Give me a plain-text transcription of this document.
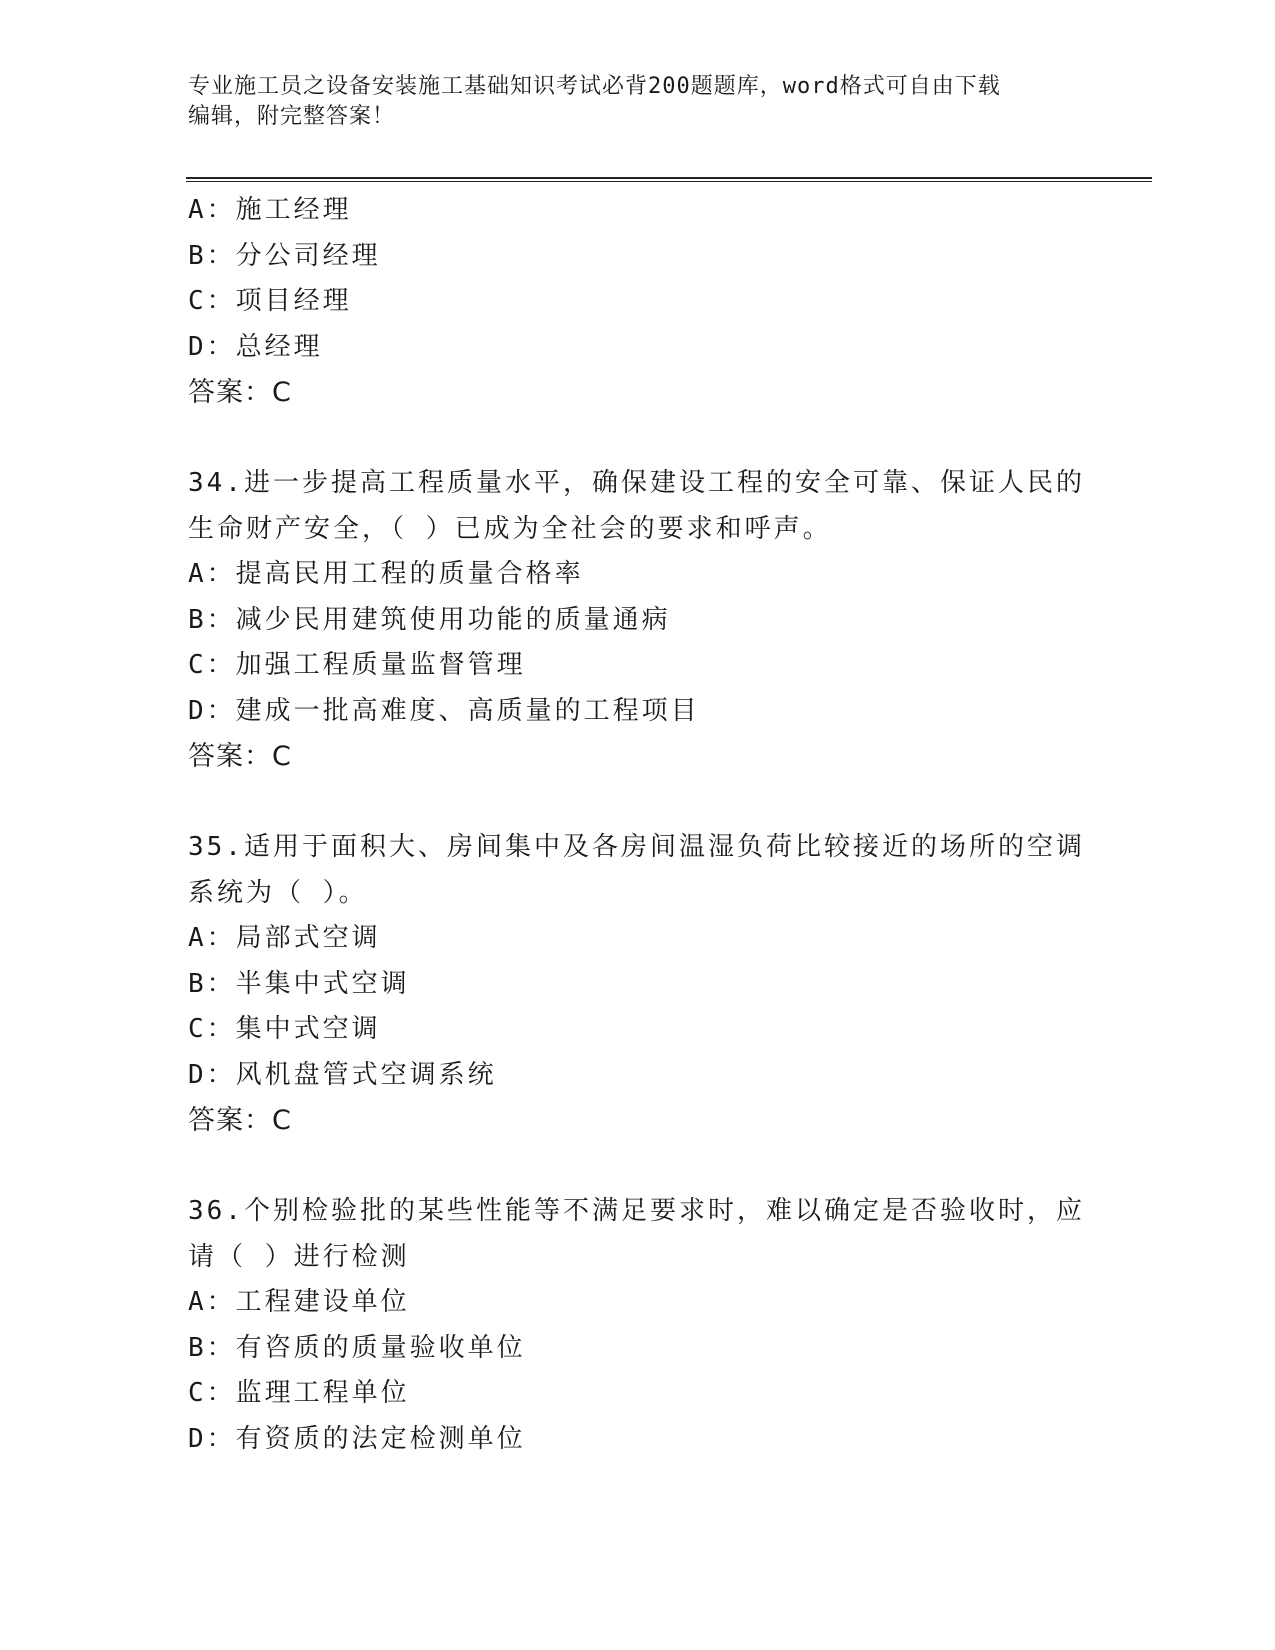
专业施工员之设备安装施工基础知识考试必背200题题库，word格式可自由下载
编辑，附完整答案！
A：施工经理
B：分公司经理
C：项目经理
D：总经理
答案：C
34.进一步提高工程质量水平，确保建设工程的安全可靠、保证人民的
生命财产安全，（ ）已成为全社会的要求和呼声。
A：提高民用工程的质量合格率
B：减少民用建筑使用功能的质量通病
C：加强工程质量监督管理
D：建成一批高难度、高质量的工程项目
答案：C
35.适用于面积大、房间集中及各房间温湿负荷比较接近的场所的空调
系统为（ ）。
A：局部式空调
B：半集中式空调
C：集中式空调
D：风机盘管式空调系统
答案：C
36.个别检验批的某些性能等不满足要求时，难以确定是否验收时，应
请（ ）进行检测
A：工程建设单位
B：有咨质的质量验收单位
C：监理工程单位
D：有资质的法定检测单位
